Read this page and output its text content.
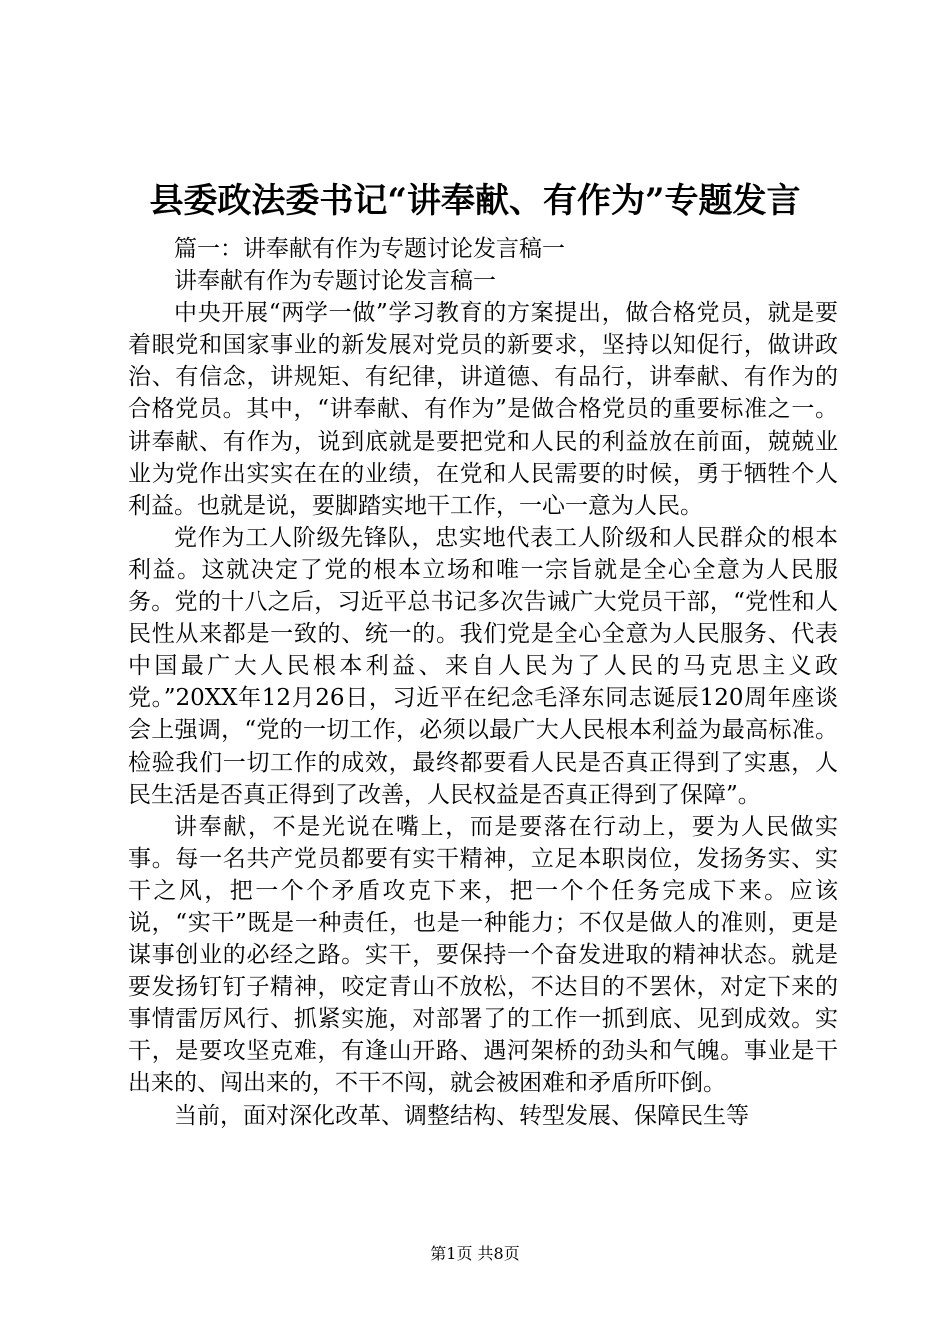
县委政法委书记“讲奉献、有作为”专题发言

篇一：讲奉献有作为专题讨论发言稿一

讲奉献有作为专题讨论发言稿一

中央开展“两学一做”学习教育的方案提出，做合格党员，就是要着眼党和国家事业的新发展对党员的新要求，坚持以知促行，做讲政治、有信念，讲规矩、有纪律，讲道德、有品行，讲奉献、有作为的合格党员。其中，“讲奉献、有作为”是做合格党员的重要标准之一。讲奉献、有作为，说到底就是要把党和人民的利益放在前面，兢兢业业为党作出实实在在的业绩，在党和人民需要的时候，勇于牺牲个人利益。也就是说，要脚踏实地干工作，一心一意为人民。

党作为工人阶级先锋队，忠实地代表工人阶级和人民群众的根本利益。这就决定了党的根本立场和唯一宗旨就是全心全意为人民服务。党的十八之后，习近平总书记多次告诫广大党员干部，“党性和人民性从来都是一致的、统一的。我们党是全心全意为人民服务、代表中国最广大人民根本利益、来自人民为了人民的马克思主义政党。”20XX年12月26日，习近平在纪念毛泽东同志诞辰120周年座谈会上强调，“党的一切工作，必须以最广大人民根本利益为最高标准。检验我们一切工作的成效，最终都要看人民是否真正得到了实惠，人民生活是否真正得到了改善，人民权益是否真正得到了保障”。

讲奉献，不是光说在嘴上，而是要落在行动上，要为人民做实事。每一名共产党员都要有实干精神，立足本职岗位，发扬务实、实干之风，把一个个矛盾攻克下来，把一个个任务完成下来。应该说，“实干”既是一种责任，也是一种能力；不仅是做人的准则，更是谋事创业的必经之路。实干，要保持一个奋发进取的精神状态。就是要发扬钉钉子精神，咬定青山不放松，不达目的不罢休，对定下来的事情雷厉风行、抓紧实施，对部署了的工作一抓到底、见到成效。实干，是要攻坚克难，有逢山开路、遇河架桥的劲头和气魄。事业是干出来的、闯出来的，不干不闯，就会被困难和矛盾所吓倒。

当前，面对深化改革、调整结构、转型发展、保障民生等

第1页 共8页
